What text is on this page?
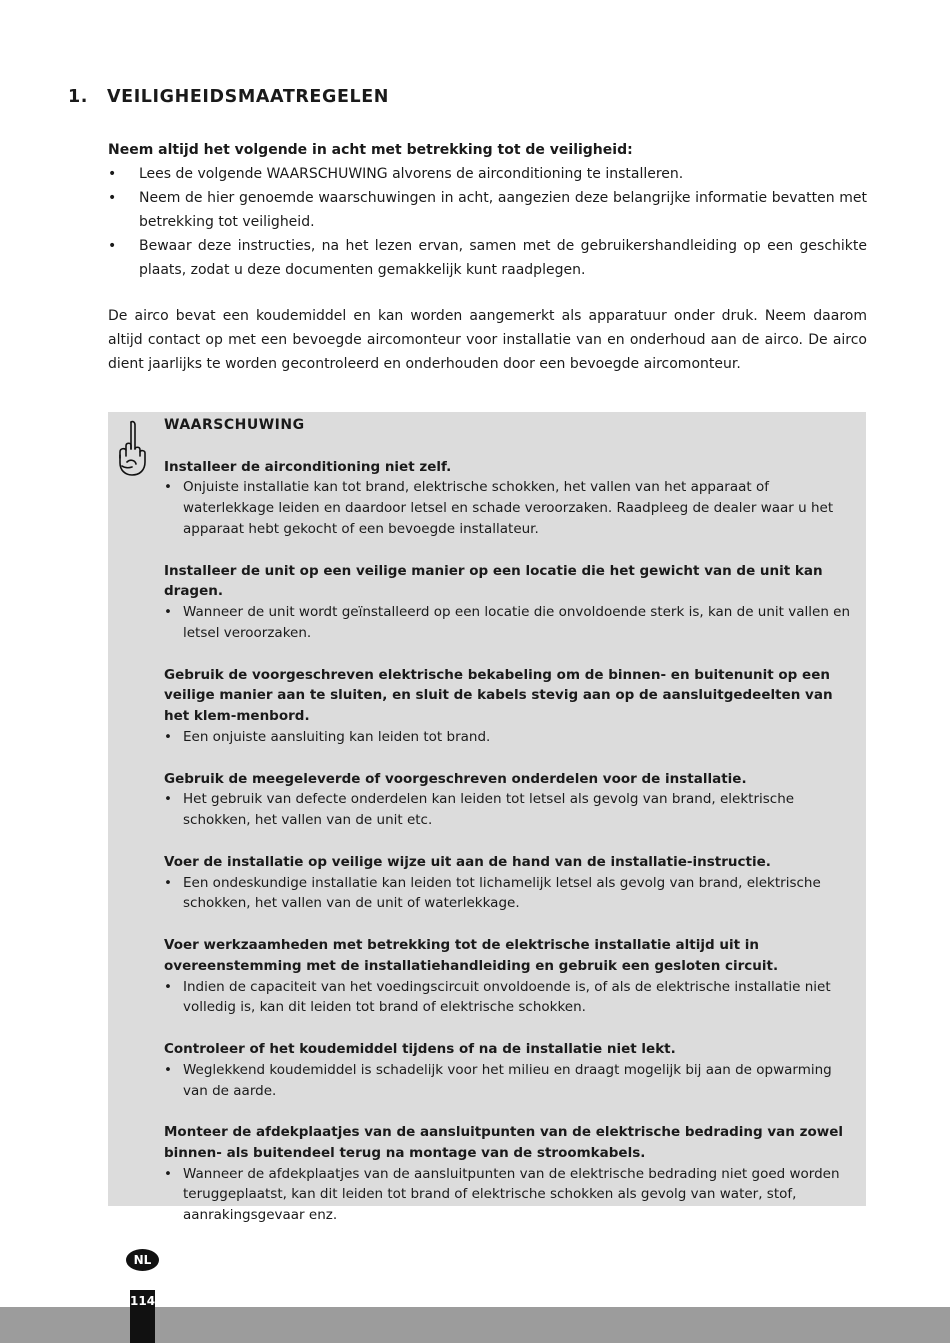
1. VEILIGHEIDSMAATREGELEN
Neem altijd het volgende in acht met betrekking tot de veiligheid:
• Lees de volgende WAARSCHUWING alvorens de airconditioning te installeren.
• Neem de hier genoemde waarschuwingen in acht, aangezien deze belangrijke informatie bevatten met betrekking tot veiligheid.
• Bewaar deze instructies, na het lezen ervan, samen met de gebruikershandleiding op een geschikte plaats, zodat u deze documenten gemakkelijk kunt raadplegen.

De airco bevat een koudemiddel en kan worden aangemerkt als apparatuur onder druk. Neem daarom altijd contact op met een bevoegde aircomonteur voor installatie van en onderhoud aan de airco. De airco dient jaarlijks te worden gecontroleerd en onderhouden door een bevoegde aircomonteur.

WAARSCHUWING
Installeer de airconditioning niet zelf.
• Onjuiste installatie kan tot brand, elektrische schokken, het vallen van het apparaat of waterlekkage leiden en daardoor letsel en schade veroorzaken. Raadpleeg de dealer waar u het apparaat hebt gekocht of een bevoegde installateur.
Installeer de unit op een veilige manier op een locatie die het gewicht van de unit kan dragen.
• Wanneer de unit wordt geïnstalleerd op een locatie die onvoldoende sterk is, kan de unit vallen en letsel veroorzaken.
Gebruik de voorgeschreven elektrische bekabeling om de binnen- en buitenunit op een veilige manier aan te sluiten, en sluit de kabels stevig aan op de aansluitgedeelten van het klem-menbord.
• Een onjuiste aansluiting kan leiden tot brand.
Gebruik de meegeleverde of voorgeschreven onderdelen voor de installatie.
• Het gebruik van defecte onderdelen kan leiden tot letsel als gevolg van brand, elektrische schokken, het vallen van de unit etc.
Voer de installatie op veilige wijze uit aan de hand van de installatie-instructie.
• Een ondeskundige installatie kan leiden tot lichamelijk letsel als gevolg van brand, elektrische schokken, het vallen van de unit of waterlekkage.
Voer werkzaamheden met betrekking tot de elektrische installatie altijd uit in overeenstemming met de installatiehandleiding en gebruik een gesloten circuit.
• Indien de capaciteit van het voedingscircuit onvoldoende is, of als de elektrische installatie niet volledig is, kan dit leiden tot brand of elektrische schokken.
Controleer of het koudemiddel tijdens of na de installatie niet lekt.
• Weglekkend koudemiddel is schadelijk voor het milieu en draagt mogelijk bij aan de opwarming van de aarde.
Monteer de afdekplaatjes van de aansluitpunten van de elektrische bedrading van zowel binnen- als buitendeel terug na montage van de stroomkabels.
• Wanneer de afdekplaatjes van de aansluitpunten van de elektrische bedrading niet goed worden teruggeplaatst, kan dit leiden tot brand of elektrische schokken als gevolg van water, stof, aanrakingsgevaar enz.
NL
114
